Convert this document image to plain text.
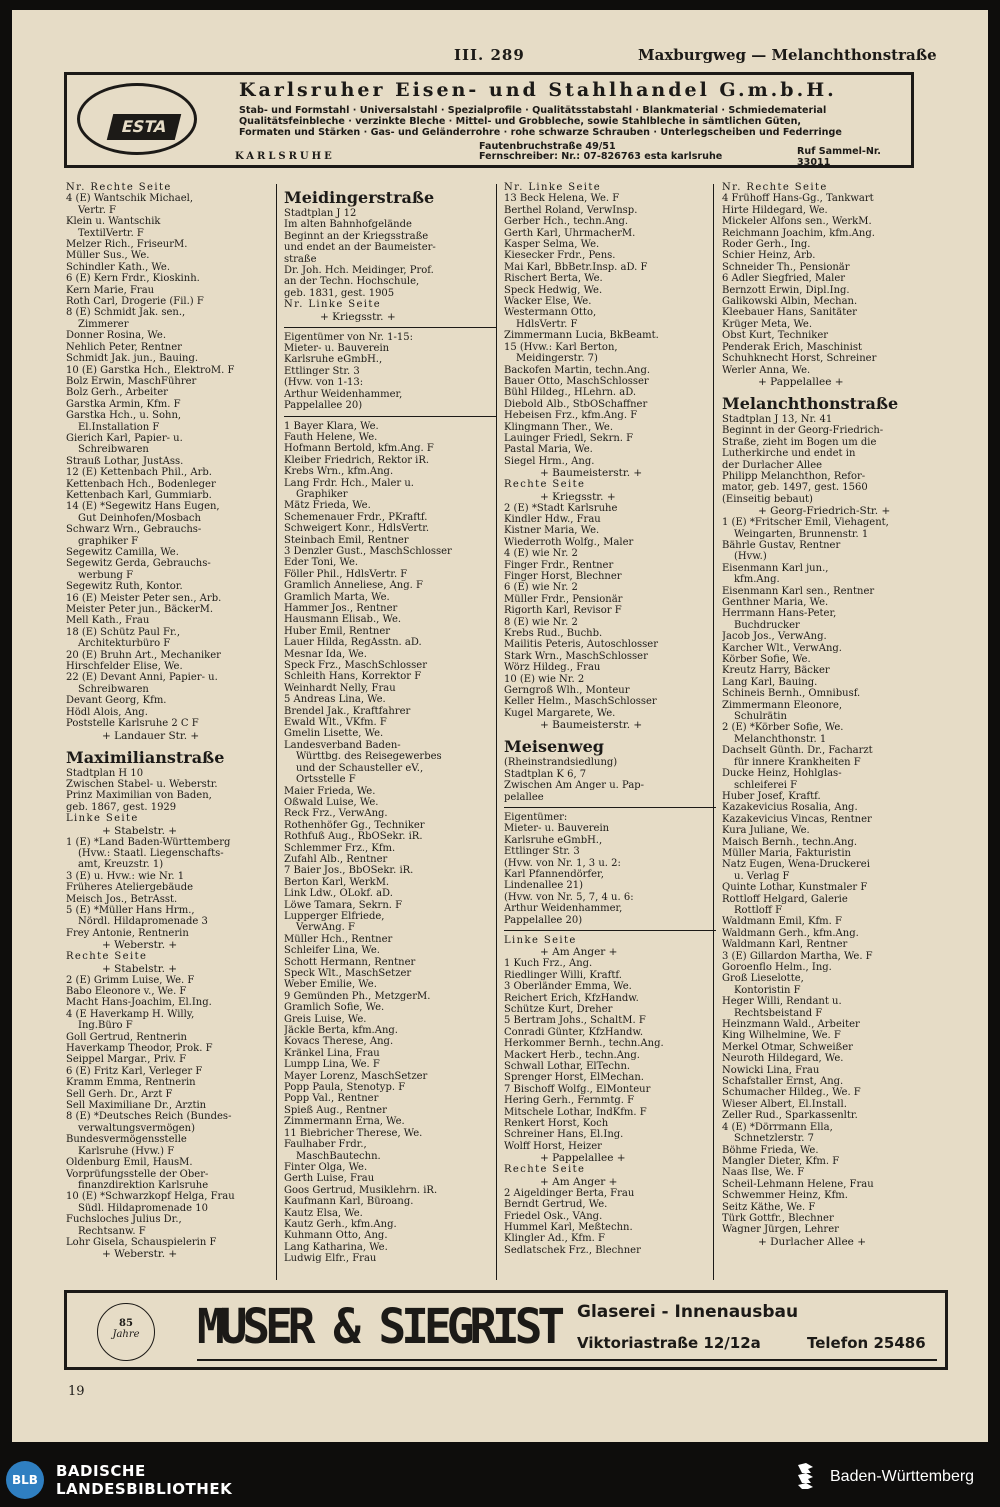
III. 289	Maxburgweg — Melanchthonstraße
ESTA
Karlsruher Eisen- und Stahlhandel G.m.b.H.
Stab- und Formstahl · Universalstahl · Spezialprofile · Qualitätsstabstahl · Blankmaterial · Schmiedematerial
Qualitätsfeinbleche · verzinkte Bleche · Mittel- und Grobbleche, sowie Stahlbleche in sämtlichen Güten,
Formaten und Stärken · Gas- und Geländerrohre · rohe schwarze Schrauben · Unterlegscheiben und Federringe
KARLSRUHE
Fautenbruchstraße 49/51
Fernschreiber: Nr.: 07-826763 esta karlsruhe	Ruf Sammel-Nr. 33011
Nr. Rechte Seite
4 (E) Wantschik Michael,
Vertr. F
Klein u. Wantschik
TextilVertr. F
Melzer Rich., FriseurM.
Müller Sus., We.
Schindler Kath., We.
6 (E) Kern Frdr., Kioskinh.
Kern Marie, Frau
Roth Carl, Drogerie (Fil.) F
8 (E) Schmidt Jak. sen.,
Zimmerer
Donner Rosina, We.
Nehlich Peter, Rentner
Schmidt Jak. jun., Bauing.
10 (E) Garstka Hch., ElektroM. F
Bolz Erwin, MaschFührer
Bolz Gerh., Arbeiter
Garstka Armin, Kfm. F
Garstka Hch., u. Sohn,
El.Installation F
Gierich Karl, Papier- u.
Schreibwaren
Strauß Lothar, JustAss.
12 (E) Kettenbach Phil., Arb.
Kettenbach Hch., Bodenleger
Kettenbach Karl, Gummiarb.
14 (E) *Segewitz Hans Eugen,
Gut Deinhofen/Mosbach
Schwarz Wrn., Gebrauchs-
graphiker F
Segewitz Camilla, We.
Segewitz Gerda, Gebrauchs-
werbung F
Segewitz Ruth, Kontor.
16 (E) Meister Peter sen., Arb.
Meister Peter jun., BäckerM.
Mell Kath., Frau
18 (E) Schütz Paul Fr.,
Architekturbüro F
20 (E) Bruhn Art., Mechaniker
Hirschfelder Elise, We.
22 (E) Devant Anni, Papier- u.
Schreibwaren
Devant Georg, Kfm.
Hödl Alois, Ang.
Poststelle Karlsruhe 2 C F
+ Landauer Str. +
Maximilianstraße
Stadtplan H 10
Zwischen Stabel- u. Weberstr.
Prinz Maximilian von Baden,
geb. 1867, gest. 1929
Linke Seite
+ Stabelstr. +
1 (E) *Land Baden-Württemberg
(Hvw.: Staatl. Liegenschafts-
amt, Kreuzstr. 1)
3 (E) u. Hvw.: wie Nr. 1
Früheres Ateliergebäude
Meisch Jos., BetrAsst.
5 (E) *Müller Hans Hrm.,
Nördl. Hildapromenade 3
Frey Antonie, Rentnerin
+ Weberstr. +
Rechte Seite
+ Stabelstr. +
2 (E) Grimm Luise, We. F
Babo Eleonore v., We. F
Macht Hans-Joachim, El.Ing.
4 (E Haverkamp H. Willy,
Ing.Büro F
Goll Gertrud, Rentnerin
Haverkamp Theodor, Prok. F
Seippel Margar., Priv. F
6 (E) Fritz Karl, Verleger F
Kramm Emma, Rentnerin
Sell Gerh. Dr., Arzt F
Sell Maximiliane Dr., Ärztin
8 (E) *Deutsches Reich (Bundes-
verwaltungsvermögen)
Bundesvermögensstelle
Karlsruhe (Hvw.) F
Oldenburg Emil, HausM.
Vorprüfungsstelle der Ober-
finanzdirektion Karlsruhe
10 (E) *Schwarzkopf Helga, Frau
Südl. Hildapromenade 10
Fuchsloches Julius Dr.,
Rechtsanw. F
Lohr Gisela, Schauspielerin F
+ Weberstr. +
Meidingerstraße
Stadtplan J 12
Im alten Bahnhofgelände
Beginnt an der Kriegsstraße
und endet an der Baumeister-
straße
Dr. Joh. Hch. Meidinger, Prof.
an der Techn. Hochschule,
geb. 1831, gest. 1905
Nr. Linke Seite
+ Kriegsstr. +
Eigentümer von Nr. 1-15:
Mieter- u. Bauverein
Karlsruhe eGmbH.,
Ettlinger Str. 3
(Hvw. von 1-13:
Arthur Weidenhammer,
Pappelallee 20)
1 Bayer Klara, We.
Fauth Helene, We.
Hofmann Bertold, kfm.Ang. F
Kleiber Friedrich, Rektor iR.
Krebs Wrn., kfm.Ang.
Lang Frdr. Hch., Maler u.
Graphiker
Mätz Frieda, We.
Schemenauer Frdr., PKraftf.
Schweigert Konr., HdlsVertr.
Steinbach Emil, Rentner
3 Denzler Gust., MaschSchlosser
Eder Toni, We.
Föller Phil., HdlsVertr. F
Gramlich Anneliese, Ang. F
Gramlich Marta, We.
Hammer Jos., Rentner
Hausmann Elisab., We.
Huber Emil, Rentner
Lauer Hilda, RegAsstn. aD.
Mesnar Ida, We.
Speck Frz., MaschSchlosser
Schleith Hans, Korrektor F
Weinhardt Nelly, Frau
5 Andreas Lina, We.
Brendel Jak., Kraftfahrer
Ewald Wlt., VKfm. F
Gmelin Lisette, We.
Landesverband Baden-
Württbg. des Reisegewerbes
und der Schausteller eV.,
Ortsstelle F
Maier Frieda, We.
Oßwald Luise, We.
Reck Frz., VerwAng.
Rothenhöfer Gg., Techniker
Rothfuß Aug., RbOSekr. iR.
Schlemmer Frz., Kfm.
Zufahl Alb., Rentner
7 Baier Jos., BbOSekr. iR.
Berton Karl, WerkM.
Link Ldw., OLokf. aD.
Löwe Tamara, Sekrn. F
Lupperger Elfriede,
VerwAng. F
Müller Hch., Rentner
Schleifer Lina, We.
Schott Hermann, Rentner
Speck Wlt., MaschSetzer
Weber Emilie, We.
9 Gemünden Ph., MetzgerM.
Gramlich Sofie, We.
Greis Luise, We.
Jäckle Berta, kfm.Ang.
Kovacs Therese, Ang.
Kränkel Lina, Frau
Lumpp Lina, We. F
Mayer Lorenz, MaschSetzer
Popp Paula, Stenotyp. F
Popp Val., Rentner
Spieß Aug., Rentner
Zimmermann Erna, We.
11 Biebricher Therese, We.
Faulhaber Frdr.,
MaschBautechn.
Finter Olga, We.
Gerth Luise, Frau
Goos Gertrud, Musiklehrn. iR.
Kaufmann Karl, Büroang.
Kautz Elsa, We.
Kautz Gerh., kfm.Ang.
Kuhmann Otto, Ang.
Lang Katharina, We.
Ludwig Elfr., Frau
Nr. Linke Seite
13 Beck Helena, We. F
Berthel Roland, VerwInsp.
Gerber Hch., techn.Ang.
Gerth Karl, UhrmacherM.
Kasper Selma, We.
Kiesecker Frdr., Pens.
Mai Karl, BbBetr.Insp. aD. F
Rischert Berta, We.
Speck Hedwig, We.
Wacker Else, We.
Westermann Otto,
HdlsVertr. F
Zimmermann Lucia, BkBeamt.
15 (Hvw.: Karl Berton,
Meidingerstr. 7)
Backofen Martin, techn.Ang.
Bauer Otto, MaschSchlosser
Bühl Hildeg., HLehrn. aD.
Diebold Alb., StbOSchaffner
Hebeisen Frz., kfm.Ang. F
Klingmann Ther., We.
Lauinger Friedl, Sekrn. F
Pastal Maria, We.
Siegel Hrm., Ang.
+ Baumeisterstr. +
Rechte Seite
+ Kriegsstr. +
2 (E) *Stadt Karlsruhe
Kindler Hdw., Frau
Kistner Maria, We.
Wiederroth Wolfg., Maler
4 (E) wie Nr. 2
Finger Frdr., Rentner
Finger Horst, Blechner
6 (E) wie Nr. 2
Müller Frdr., Pensionär
Rigorth Karl, Revisor F
8 (E) wie Nr. 2
Krebs Rud., Buchb.
Mailitis Peteris, Autoschlosser
Stark Wrn., MaschSchlosser
Wörz Hildeg., Frau
10 (E) wie Nr. 2
Gerngroß Wlh., Monteur
Keller Helm., MaschSchlosser
Kugel Margarete, We.
+ Baumeisterstr. +
Meisenweg
(Rheinstrandsiedlung)
Stadtplan K 6, 7
Zwischen Am Anger u. Pap-
pelallee
Eigentümer:
Mieter- u. Bauverein
Karlsruhe eGmbH.,
Ettlinger Str. 3
(Hvw. von Nr. 1, 3 u. 2:
Karl Pfannendörfer,
Lindenallee 21)
(Hvw. von Nr. 5, 7, 4 u. 6:
Arthur Weidenhammer,
Pappelallee 20)
Linke Seite
+ Am Anger +
1 Kuch Frz., Ang.
Riedlinger Willi, Kraftf.
3 Oberländer Emma, We.
Reichert Erich, KfzHandw.
Schütze Kurt, Dreher
5 Bertram Johs., SchaltM. F
Conradi Günter, KfzHandw.
Herkommer Bernh., techn.Ang.
Mackert Herb., techn.Ang.
Schwall Lothar, ElTechn.
Sprenger Horst, ElMechan.
7 Bischoff Wolfg., ElMonteur
Hering Gerh., Fernmtg. F
Mitschele Lothar, IndKfm. F
Renkert Horst, Koch
Schreiner Hans, El.Ing.
Wolff Horst, Heizer
+ Pappelallee +
Rechte Seite
+ Am Anger +
2 Aigeldinger Berta, Frau
Berndt Gertrud, We.
Friedel Osk., VAng.
Hummel Karl, Meßtechn.
Klingler Ad., Kfm. F
Sedlatschek Frz., Blechner
Nr. Rechte Seite
4 Frühoff Hans-Gg., Tankwart
Hirte Hildegard, We.
Mickeler Alfons sen., WerkM.
Reichmann Joachim, kfm.Ang.
Roder Gerh., Ing.
Schier Heinz, Arb.
Schneider Th., Pensionär
6 Adler Siegfried, Maler
Bernzott Erwin, Dipl.Ing.
Galikowski Albin, Mechan.
Kleebauer Hans, Sanitäter
Krüger Meta, We.
Obst Kurt, Techniker
Penderak Erich, Maschinist
Schuhknecht Horst, Schreiner
Werler Anna, We.
+ Pappelallee +
Melanchthonstraße
Stadtplan J 13, Nr. 41
Beginnt in der Georg-Friedrich-
Straße, zieht im Bogen um die
Lutherkirche und endet in
der Durlacher Allee
Philipp Melanchthon, Refor-
mator, geb. 1497, gest. 1560
(Einseitig bebaut)
+ Georg-Friedrich-Str. +
1 (E) *Fritscher Emil, Viehagent,
Weingarten, Brunnenstr. 1
Bährle Gustav, Rentner
(Hvw.)
Eisenmann Karl jun.,
kfm.Ang.
Eisenmann Karl sen., Rentner
Genthner Maria, We.
Herrmann Hans-Peter,
Buchdrucker
Jacob Jos., VerwAng.
Karcher Wlt., VerwAng.
Körber Sofie, We.
Kreutz Harry, Bäcker
Lang Karl, Bauing.
Schineis Bernh., Omnibusf.
Zimmermann Eleonore,
Schulrätin
2 (E) *Körber Sofie, We.
Melanchthonstr. 1
Dachselt Günth. Dr., Facharzt
für innere Krankheiten F
Ducke Heinz, Hohlglas-
schleiferei F
Huber Josef, Kraftf.
Kazakevicius Rosalia, Ang.
Kazakevicius Vincas, Rentner
Kura Juliane, We.
Maisch Bernh., techn.Ang.
Müller Maria, Fakturistin
Natz Eugen, Wena-Druckerei
u. Verlag F
Quinte Lothar, Kunstmaler F
Rottloff Helgard, Galerie
Rottloff F
Waldmann Emil, Kfm. F
Waldmann Gerh., kfm.Ang.
Waldmann Karl, Rentner
3 (E) Gillardon Martha, We. F
Goroenflo Helm., Ing.
Groß Lieselotte,
Kontoristin F
Heger Willi, Rendant u.
Rechtsbeistand F
Heinzmann Wald., Arbeiter
King Wilhelmine, We. F
Merkel Otmar, Schweißer
Neuroth Hildegard, We.
Nowicki Lina, Frau
Schafstaller Ernst, Ang.
Schumacher Hildeg., We. F
Wieser Albert, El.Install.
Zeller Rud., Sparkassenltr.
4 (E) *Dörrmann Ella,
Schnetzlerstr. 7
Böhme Frieda, We.
Mangler Dieter, Kfm. F
Naas Ilse, We. F
Scheil-Lehmann Helene, Frau
Schwemmer Heinz, Kfm.
Seitz Käthe, We. F
Türk Gottfr., Blechner
Wagner Jürgen, Lehrer
+ Durlacher Allee +
85
Jahre	MUSER & SIEGRIST Glaserei - Innenausbau
Viktoriastraße 12/12a	Telefon 25486
19
BLB	BADISCHE
LANDESBIBLIOTHEK
Baden-Württemberg
